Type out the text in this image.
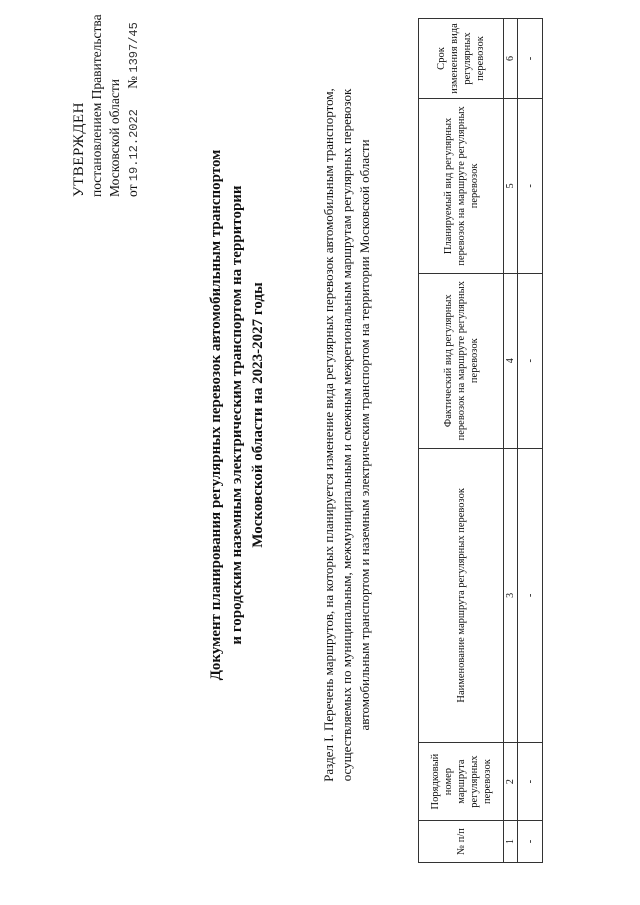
УТВЕРЖДЕН постановлением Правительства Московской области от 19.12.2022      № 1397/45
Документ планирования регулярных перевозок автомобильным транспортом и городским наземным электрическим транспортом на территории Московской области на 2023-2027 годы	Раздел I. Перечень маршрутов, на которых планируется изменение вида регулярных перевозок автомобильным транспортом, осуществляемых по муниципальным, межмуниципальным и смежным межрегиональным маршрутам регулярных перевозок автомобильным транспортом и наземным электрическим транспортом на территории Московской области
№ п/п	Порядковый номер маршрута регулярных перевозок	Наименование маршрута регулярных перевозок	Фактический вид регулярных перевозок на маршруте регулярных перевозок	Планируемый вид регулярных перевозок на маршруте регулярных перевозок	Срок изменения вида регулярных перевозок
1	2	3	4	5	6
-	-	-	-	-	-
